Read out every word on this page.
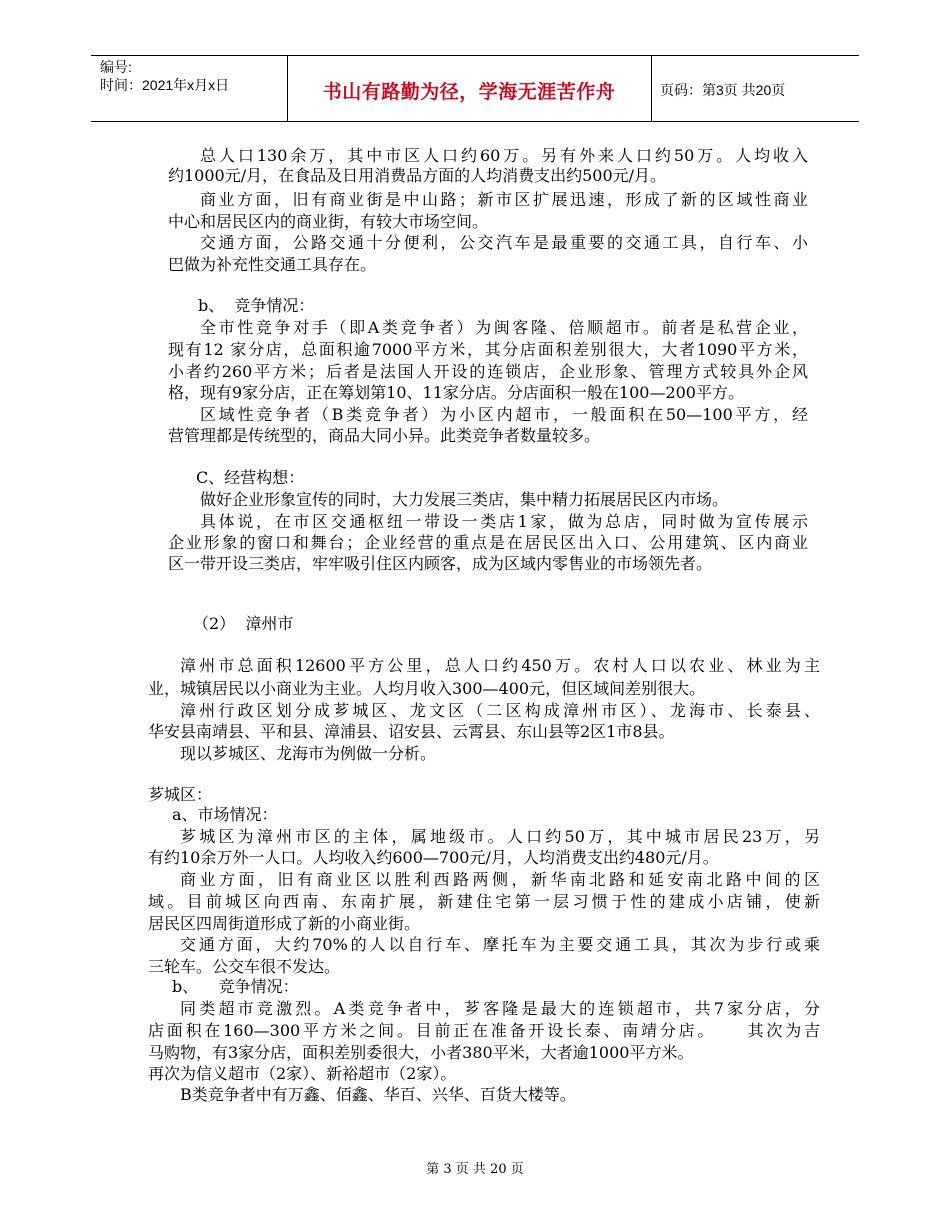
编号:
时间：2021年x月x日	书山有路勤为径，学海无涯苦作舟	页码：第3页 共20页
总人口130余万，其中市区人口约60万。另有外来人口约50万。人均收入
约1000元/月，在食品及日用消费品方面的人均消费支出约500元/月。
商业方面，旧有商业街是中山路；新市区扩展迅速，形成了新的区域性商业
中心和居民区内的商业街，有较大市场空间。
交通方面，公路交通十分便利，公交汽车是最重要的交通工具，自行车、小
巴做为补充性交通工具存在。
b、  竞争情况：
全市性竞争对手（即A类竞争者）为闽客隆、倍顺超市。前者是私营企业，
现有12 家分店，总面积逾7000平方米，其分店面积差别很大，大者1090平方米，
小者约260平方米；后者是法国人开设的连锁店，企业形象、管理方式较具外企风
格，现有9家分店，正在筹划第10、11家分店。分店面积一般在100—200平方。
区域性竞争者（B类竞争者）为小区内超市，一般面积在50—100平方，经
营管理都是传统型的，商品大同小异。此类竞争者数量较多。
C、经营构想：
做好企业形象宣传的同时，大力发展三类店，集中精力拓展居民区内市场。
具体说，在市区交通枢纽一带设一类店1家，做为总店，同时做为宣传展示
企业形象的窗口和舞台；企业经营的重点是在居民区出入口、公用建筑、区内商业
区一带开设三类店，牢牢吸引住区内顾客，成为区域内零售业的市场领先者。
（2）  漳州市
漳州市总面积12600平方公里，总人口约450万。农村人口以农业、林业为主
业，城镇居民以小商业为主业。人均月收入300—400元，但区域间差别很大。
漳州行政区划分成芗城区、龙文区（二区构成漳州市区）、龙海市、长泰县、
华安县南靖县、平和县、漳浦县、诏安县、云霄县、东山县等2区1市8县。
现以芗城区、龙海市为例做一分析。
芗城区：
a、市场情况：
芗城区为漳州市区的主体，属地级市。人口约50万，其中城市居民23万，另
有约10余万外一人口。人均收入约600—700元/月，人均消费支出约480元/月。
商业方面，旧有商业区以胜利西路两侧，新华南北路和延安南北路中间的区
域。目前城区向西南、东南扩展，新建住宅第一层习惯于性的建成小店铺，使新
居民区四周街道形成了新的小商业街。
交通方面，大约70%的人以自行车、摩托车为主要交通工具，其次为步行或乘
三轮车。公交车很不发达。
b、    竞争情况：
同类超市竞激烈。A类竞争者中，芗客隆是最大的连锁超市，共7家分店，分
店面积在160—300平方米之间。目前正在准备开设长泰、南靖分店。    其次为吉
马购物，有3家分店，面积差别委很大，小者380平米，大者逾1000平方米。
再次为信义超市（2家）、新裕超市（2家）。
B类竞争者中有万鑫、佰鑫、华百、兴华、百货大楼等。
第 3 页 共 20 页
